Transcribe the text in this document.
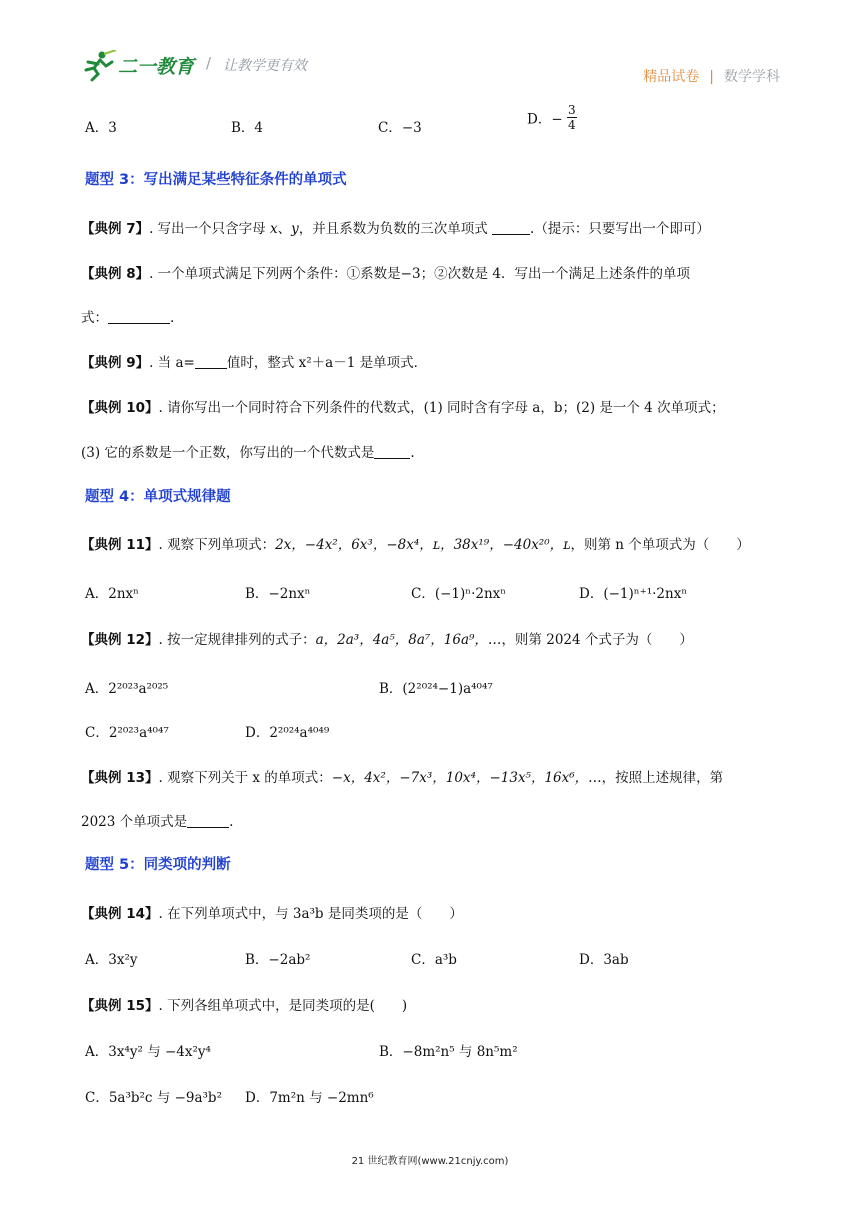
二一教育 / 让教学更有效
精品试卷 | 数学学科
A．3	B．4	C．−3
D．− $\frac{3}{4}$
题型 3：写出满足某些特征条件的单项式
【典例 7】. 写出一个只含字母 x、y，并且系数为负数的三次单项式	.（提示：只要写出一个即可）
【典例 8】. 一个单项式满足下列两个条件：①系数是−3；②次数是 4．写出一个满足上述条件的单项
式：	.
【典例 9】. 当 a= 值时，整式 x²＋a－1 是单项式．
【典例 10】. 请你写出一个同时符合下列条件的代数式，(1) 同时含有字母 a，b；(2) 是一个 4 次单项式；
(3) 它的系数是一个正数，你写出的一个代数式是	.
题型 4：单项式规律题
【典例 11】. 观察下列单项式：2x，−4x²，6x³，−8x⁴，ʟ，38x¹⁹，−40x²⁰，ʟ，则第 n 个单项式为（　　）
A．2nxⁿ	B．−2nxⁿ	C．(−1)ⁿ·2nxⁿ	D．(−1)ⁿ⁺¹·2nxⁿ
【典例 12】. 按一定规律排列的式子：a，2a³，4a⁵，8a⁷，16a⁹，…，则第 2024 个式子为（　　）
A．2²⁰²³a²⁰²⁵	B．(2²⁰²⁴−1)a⁴⁰⁴⁷
C．2²⁰²³a⁴⁰⁴⁷	D．2²⁰²⁴a⁴⁰⁴⁹
【典例 13】. 观察下列关于 x 的单项式：−x，4x²，−7x³，10x⁴，−13x⁵，16x⁶，…，按照上述规律，第
2023 个单项式是	.
题型 5：同类项的判断
【典例 14】. 在下列单项式中，与 3a³b 是同类项的是（　　）
A．3x²y	B．−2ab²	C．a³b	D．3ab
【典例 15】. 下列各组单项式中，是同类项的是(　　)
A．3x⁴y² 与 −4x²y⁴	B．−8m²n⁵ 与 8n⁵m²
C．5a³b²c 与 −9a³b² D．7m²n 与 −2mn⁶
21 世纪教育网(www.21cnjy.com)
